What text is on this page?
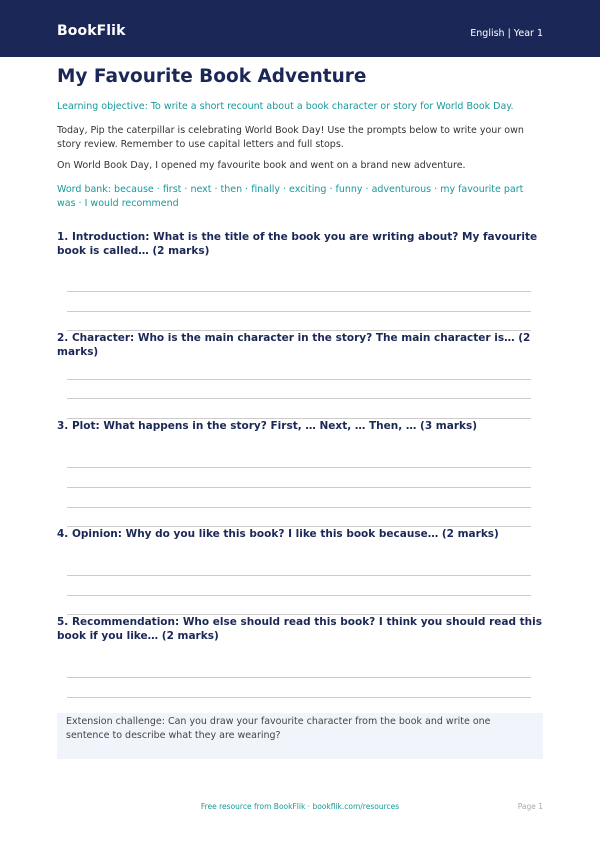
BookFlik	English | Year 1
My Favourite Book Adventure
Learning objective: To write a short recount about a book character or story for World Book Day.
Today, Pip the caterpillar is celebrating World Book Day! Use the prompts below to write your own story review. Remember to use capital letters and full stops.
On World Book Day, I opened my favourite book and went on a brand new adventure.
Word bank: because · first · next · then · finally · exciting · funny · adventurous · my favourite part was · I would recommend
1. Introduction: What is the title of the book you are writing about? My favourite book is called… (2 marks)
2. Character: Who is the main character in the story? The main character is… (2 marks)
3. Plot: What happens in the story? First, … Next, … Then, … (3 marks)
4. Opinion: Why do you like this book? I like this book because… (2 marks)
5. Recommendation: Who else should read this book? I think you should read this book if you like… (2 marks)
Extension challenge: Can you draw your favourite character from the book and write one sentence to describe what they are wearing?
Free resource from BookFlik · bookflik.com/resources	Page 1
